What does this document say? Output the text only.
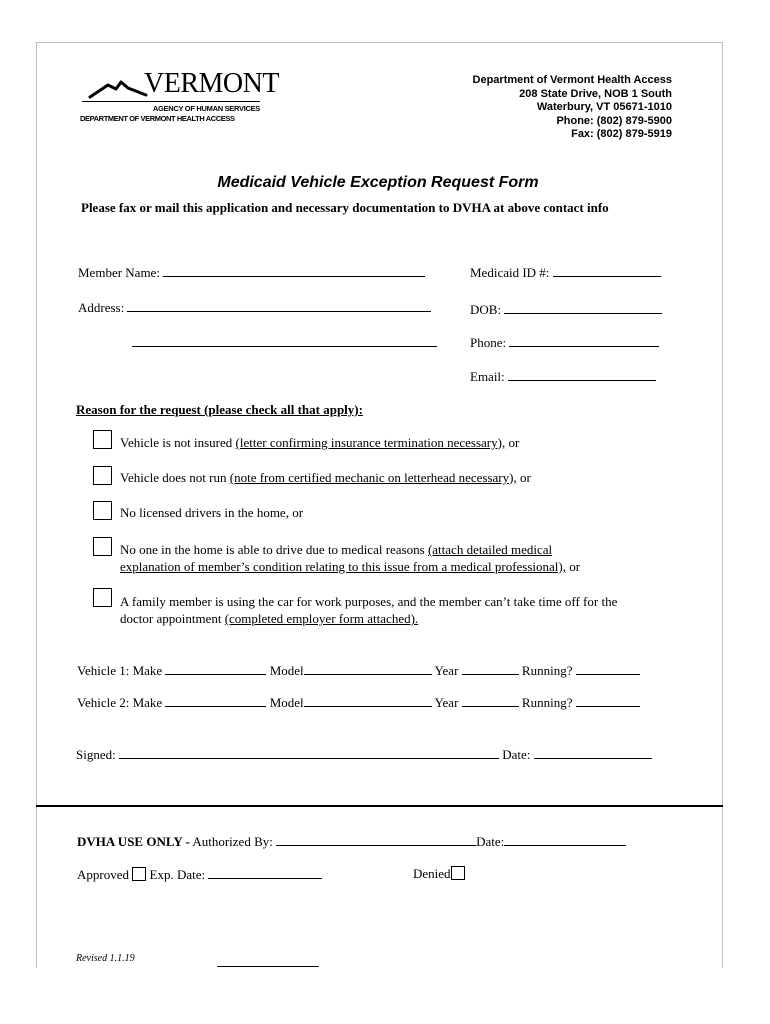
VERMONT
AGENCY OF HUMAN SERVICES
DEPARTMENT OF VERMONT HEALTH ACCESS
Department of Vermont Health Access
208 State Drive, NOB 1 South
Waterbury, VT 05671-1010
Phone: (802) 879-5900
Fax: (802) 879-5919
Medicaid Vehicle Exception Request Form
Please fax or mail this application and necessary documentation to DVHA at above contact info
Member Name:	Medicaid ID #:
Address:	DOB:
Phone:
Email:
Reason for the request (please check all that apply):
Vehicle is not insured (letter confirming insurance termination necessary), or
Vehicle does not run (note from certified mechanic on letterhead necessary), or
No licensed drivers in the home, or
No one in the home is able to drive due to medical reasons (attach detailed medical
explanation of member’s condition relating to this issue from a medical professional), or
A family member is using the car for work purposes, and the member can’t take time off for the
doctor appointment (completed employer form attached).
Vehicle 1: Make	Model	Year	Running?
Vehicle 2: Make	Model	Year	Running?
Signed:	Date:
DVHA USE ONLY - Authorized By:	Date:
Approved Exp. Date:	Denied
Revised 1.1.19
